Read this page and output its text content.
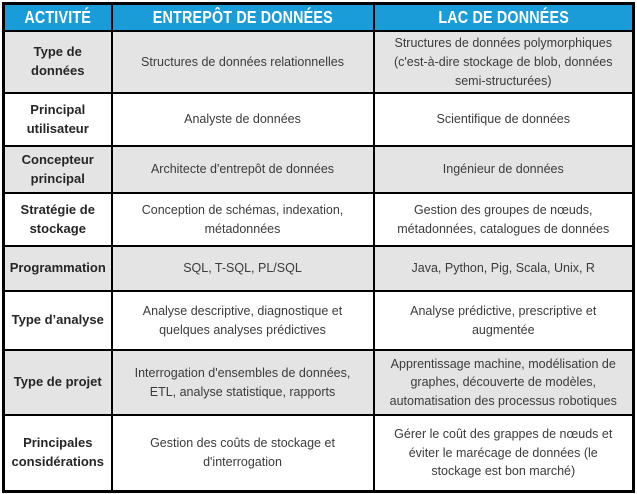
ACTIVITÉ	ENTREPÔT DE DONNÉES	LAC DE DONNÉES
Type de données	Structures de données relationnelles	Structures de données polymorphiques (c'est-à-dire stockage de blob, données semi-structurées)
Principal utilisateur	Analyste de données	Scientifique de données
Concepteur principal	Architecte d'entrepôt de données	Ingénieur de données
Stratégie de stockage	Conception de schémas, indexation, métadonnées	Gestion des groupes de nœuds, métadonnées, catalogues de données
Programmation	SQL, T-SQL, PL/SQL	Java, Python, Pig, Scala, Unix, R
Type d’analyse	Analyse descriptive, diagnostique et quelques analyses prédictives	Analyse prédictive, prescriptive et augmentée
Type de projet	Interrogation d'ensembles de données, ETL, analyse statistique, rapports	Apprentissage machine, modélisation de graphes, découverte de modèles, automatisation des processus robotiques
Principales considérations	Gestion des coûts de stockage et d'interrogation	Gérer le coût des grappes de nœuds et éviter le marécage de données (le stockage est bon marché)
